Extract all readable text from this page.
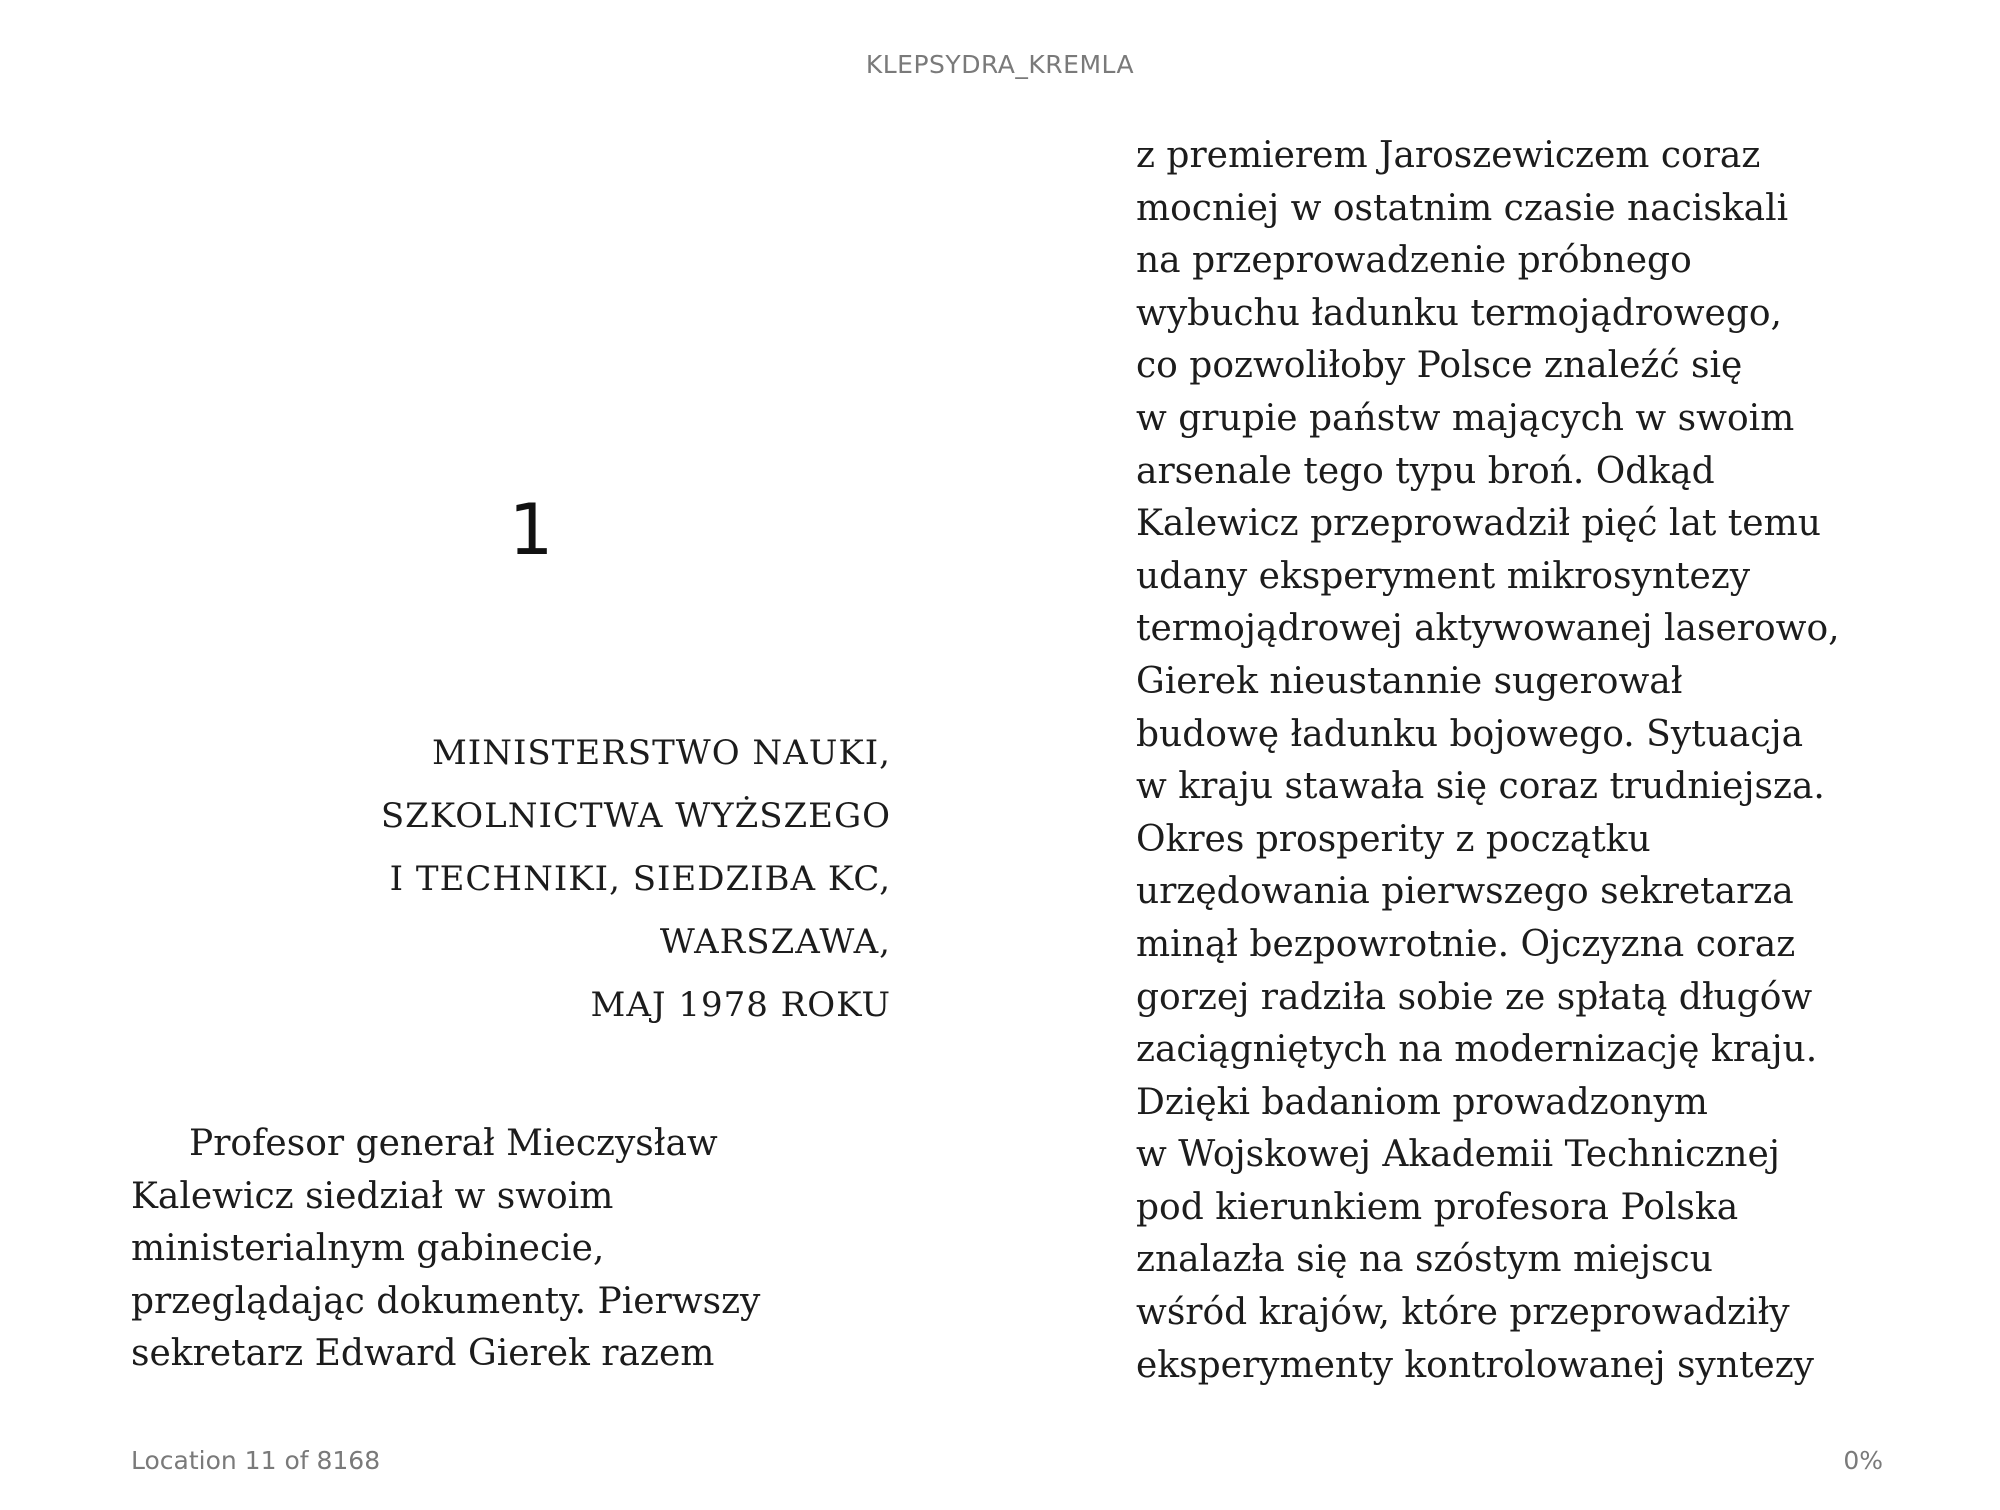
KLEPSYDRA_KREMLA
1
MINISTERSTWO NAUKI,
SZKOLNICTWA WYŻSZEGO
I TECHNIKI, SIEDZIBA KC,
WARSZAWA,
MAJ 1978 ROKU
Profesor generał Mieczysław
Kalewicz siedział w swoim
ministerialnym gabinecie,
przeglądając dokumenty. Pierwszy
sekretarz Edward Gierek razem
z premierem Jaroszewiczem coraz
mocniej w ostatnim czasie naciskali
na przeprowadzenie próbnego
wybuchu ładunku termojądrowego,
co pozwoliłoby Polsce znaleźć się
w grupie państw mających w swoim
arsenale tego typu broń. Odkąd
Kalewicz przeprowadził pięć lat temu
udany eksperyment mikrosyntezy
termojądrowej aktywowanej laserowo,
Gierek nieustannie sugerował
budowę ładunku bojowego. Sytuacja
w kraju stawała się coraz trudniejsza.
Okres prosperity z początku
urzędowania pierwszego sekretarza
minął bezpowrotnie. Ojczyzna coraz
gorzej radziła sobie ze spłatą długów
zaciągniętych na modernizację kraju.
Dzięki badaniom prowadzonym
w Wojskowej Akademii Technicznej
pod kierunkiem profesora Polska
znalazła się na szóstym miejscu
wśród krajów, które przeprowadziły
eksperymenty kontrolowanej syntezy
Location 11 of 8168	0%
